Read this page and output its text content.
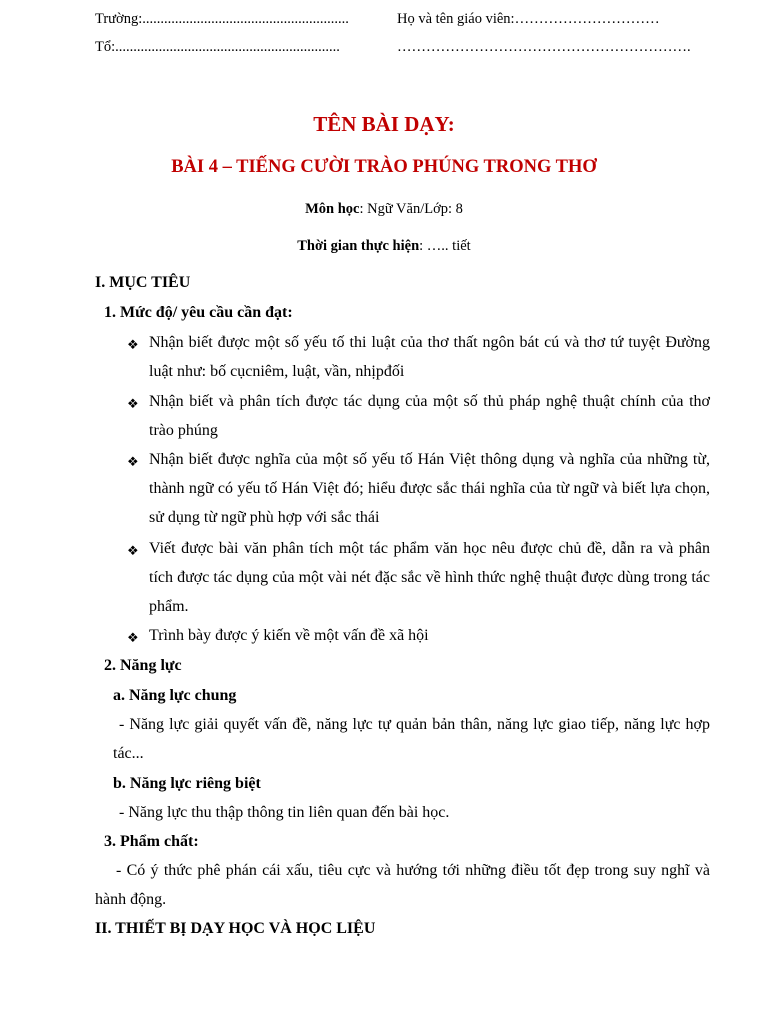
Trường:.........................................................	Họ và tên giáo viên:…………………………
Tổ:..............................................................	…………………………………………………….
TÊN BÀI DẠY:
BÀI 4 – TIẾNG CƯỜI TRÀO PHÚNG TRONG THƠ
Môn học: Ngữ Văn/Lớp: 8
Thời gian thực hiện: ….. tiết
I. MỤC TIÊU
1. Mức độ/ yêu cầu cần đạt:
❖ Nhận biết được một số yếu tố thi luật của thơ thất ngôn bát cú và thơ tứ tuyệt Đường luật như: bố cụcniêm, luật, vần, nhịpđối
❖ Nhận biết và phân tích được tác dụng của một số thủ pháp nghệ thuật chính của thơ trào phúng
❖ Nhận biết được nghĩa của một số yếu tố Hán Việt thông dụng và nghĩa của những từ, thành ngữ có yếu tố Hán Việt đó; hiểu được sắc thái nghĩa của từ ngữ và biết lựa chọn, sử dụng từ ngữ phù hợp với sắc thái
❖ Viết được bài văn phân tích một tác phẩm văn học nêu được chủ đề, dẫn ra và phân tích được tác dụng của một vài nét đặc sắc về hình thức nghệ thuật được dùng trong tác phẩm.
❖ Trình bày được ý kiến về một vấn đề xã hội
2. Năng lực
a. Năng lực chung
- Năng lực giải quyết vấn đề, năng lực tự quản bản thân, năng lực giao tiếp, năng lực hợp tác...
b. Năng lực riêng biệt
- Năng lực thu thập thông tin liên quan đến bài học.
3. Phẩm chất:
- Có ý thức phê phán cái xấu, tiêu cực và hướng tới những điều tốt đẹp trong suy nghĩ và hành động.
II. THIẾT BỊ DẠY HỌC VÀ HỌC LIỆU
